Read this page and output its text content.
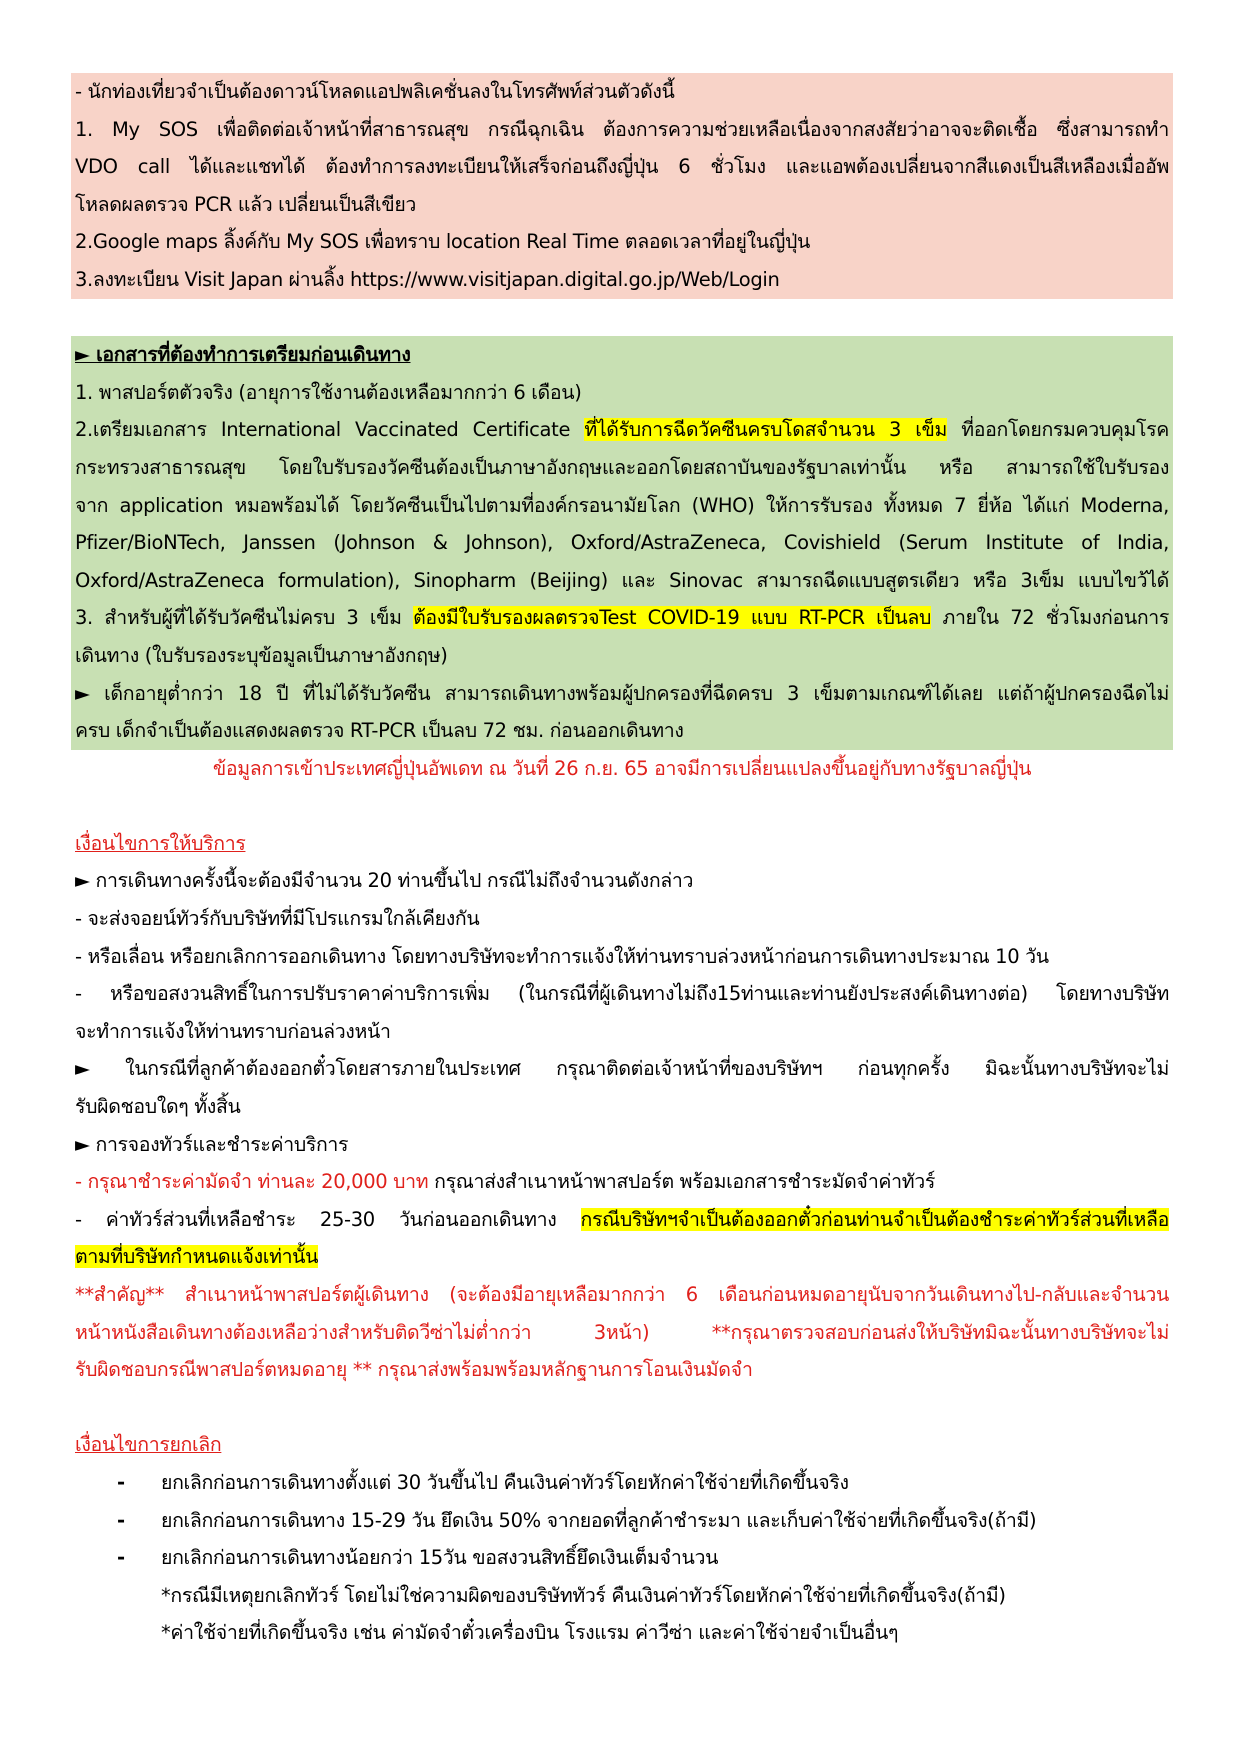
- นักท่องเที่ยวจำเป็นต้องดาวน์โหลดแอปพลิเคชั่นลงในโทรศัพท์ส่วนตัวดังนี้
1. My SOS เพื่อติดต่อเจ้าหน้าที่สาธารณสุข กรณีฉุกเฉิน ต้องการความช่วยเหลือเนื่องจากสงสัยว่าอาจจะติดเชื้อ ซึ่งสามารถทำ
VDO call ได้และแชทได้ ต้องทำการลงทะเบียนให้เสร็จก่อนถึงญี่ปุ่น 6 ชั่วโมง และแอพต้องเปลี่ยนจากสีแดงเป็นสีเหลืองเมื่ออัพ
โหลดผลตรวจ PCR แล้ว เปลี่ยนเป็นสีเขียว
2.Google maps ลิ้งค์กับ My SOS เพื่อทราบ location Real Time ตลอดเวลาที่อยู่ในญี่ปุ่น
3.ลงทะเบียน Visit Japan ผ่านลิ้ง https://www.visitjapan.digital.go.jp/Web/Login
► เอกสารที่ต้องทำการเตรียมก่อนเดินทาง
1. พาสปอร์ตตัวจริง (อายุการใช้งานต้องเหลือมากกว่า 6 เดือน)
2.เตรียมเอกสาร International Vaccinated Certificate ที่ได้รับการฉีดวัคซีนครบโดสจำนวน 3 เข็ม ที่ออกโดยกรมควบคุมโรค
กระทรวงสาธารณสุข โดยใบรับรองวัคซีนต้องเป็นภาษาอังกฤษและออกโดยสถาบันของรัฐบาลเท่านั้น หรือ สามารถใช้ใบรับรอง
จาก application หมอพร้อมได้ โดยวัคซีนเป็นไปตามที่องค์กรอนามัยโลก (WHO) ให้การรับรอง ทั้งหมด 7 ยี่ห้อ ได้แก่ Moderna,
Pfizer/BioNTech, Janssen (Johnson & Johnson), Oxford/AstraZeneca, Covishield (Serum Institute of India,
Oxford/AstraZeneca formulation), Sinopharm (Beijing) และ Sinovac สามารถฉีดแบบสูตรเดียว หรือ 3เข็ม แบบไขว้ได้
3. สำหรับผู้ที่ได้รับวัคซีนไม่ครบ 3 เข็ม ต้องมีใบรับรองผลตรวจTest COVID-19 แบบ RT-PCR เป็นลบ ภายใน 72 ชั่วโมงก่อนการ
เดินทาง (ใบรับรองระบุข้อมูลเป็นภาษาอังกฤษ)
► เด็กอายุต่ำกว่า 18 ปี ที่ไม่ได้รับวัคซีน สามารถเดินทางพร้อมผู้ปกครองที่ฉีดครบ 3 เข็มตามเกณฑ์ได้เลย แต่ถ้าผู้ปกครองฉีดไม่
ครบ เด็กจำเป็นต้องแสดงผลตรวจ RT-PCR เป็นลบ 72 ชม. ก่อนออกเดินทาง
ข้อมูลการเข้าประเทศญี่ปุ่นอัพเดท ณ วันที่ 26 ก.ย. 65 อาจมีการเปลี่ยนแปลงขึ้นอยู่กับทางรัฐบาลญี่ปุ่น
เงื่อนไขการให้บริการ
► การเดินทางครั้งนี้จะต้องมีจำนวน 20 ท่านขึ้นไป กรณีไม่ถึงจำนวนดังกล่าว
- จะส่งจอยน์ทัวร์กับบริษัทที่มีโปรแกรมใกล้เคียงกัน
- หรือเลื่อน หรือยกเลิกการออกเดินทาง โดยทางบริษัทจะทำการแจ้งให้ท่านทราบล่วงหน้าก่อนการเดินทางประมาณ 10 วัน
- หรือขอสงวนสิทธิ์ในการปรับราคาค่าบริการเพิ่ม (ในกรณีที่ผู้เดินทางไม่ถึง15ท่านและท่านยังประสงค์เดินทางต่อ) โดยทางบริษัท
จะทำการแจ้งให้ท่านทราบก่อนล่วงหน้า
► ในกรณีที่ลูกค้าต้องออกตั๋วโดยสารภายในประเทศ กรุณาติดต่อเจ้าหน้าที่ของบริษัทฯ ก่อนทุกครั้ง มิฉะนั้นทางบริษัทจะไม่
รับผิดชอบใดๆ ทั้งสิ้น
► การจองทัวร์และชำระค่าบริการ
- กรุณาชำระค่ามัดจำ ท่านละ 20,000 บาท กรุณาส่งสำเนาหน้าพาสปอร์ต พร้อมเอกสารชำระมัดจำค่าทัวร์
- ค่าทัวร์ส่วนที่เหลือชำระ 25-30 วันก่อนออกเดินทาง กรณีบริษัทฯจำเป็นต้องออกตั๋วก่อนท่านจำเป็นต้องชำระค่าทัวร์ส่วนที่เหลือ
ตามที่บริษัทกำหนดแจ้งเท่านั้น
**สำคัญ** สำเนาหน้าพาสปอร์ตผู้เดินทาง (จะต้องมีอายุเหลือมากกว่า 6 เดือนก่อนหมดอายุนับจากวันเดินทางไป-กลับและจำนวน
หน้าหนังสือเดินทางต้องเหลือว่างสำหรับติดวีซ่าไม่ต่ำกว่า 3หน้า) **กรุณาตรวจสอบก่อนส่งให้บริษัทมิฉะนั้นทางบริษัทจะไม่
รับผิดชอบกรณีพาสปอร์ตหมดอายุ ** กรุณาส่งพร้อมพร้อมหลักฐานการโอนเงินมัดจำ
เงื่อนไขการยกเลิก
-	ยกเลิกก่อนการเดินทางตั้งแต่ 30 วันขึ้นไป คืนเงินค่าทัวร์โดยหักค่าใช้จ่ายที่เกิดขึ้นจริง
-	ยกเลิกก่อนการเดินทาง 15-29 วัน ยึดเงิน 50% จากยอดที่ลูกค้าชำระมา และเก็บค่าใช้จ่ายที่เกิดขึ้นจริง(ถ้ามี)
-	ยกเลิกก่อนการเดินทางน้อยกว่า 15วัน ขอสงวนสิทธิ์ยึดเงินเต็มจำนวน
*กรณีมีเหตุยกเลิกทัวร์ โดยไม่ใช่ความผิดของบริษัททัวร์ คืนเงินค่าทัวร์โดยหักค่าใช้จ่ายที่เกิดขึ้นจริง(ถ้ามี)
*ค่าใช้จ่ายที่เกิดขึ้นจริง เช่น ค่ามัดจำตั๋วเครื่องบิน โรงแรม ค่าวีซ่า และค่าใช้จ่ายจำเป็นอื่นๆ
